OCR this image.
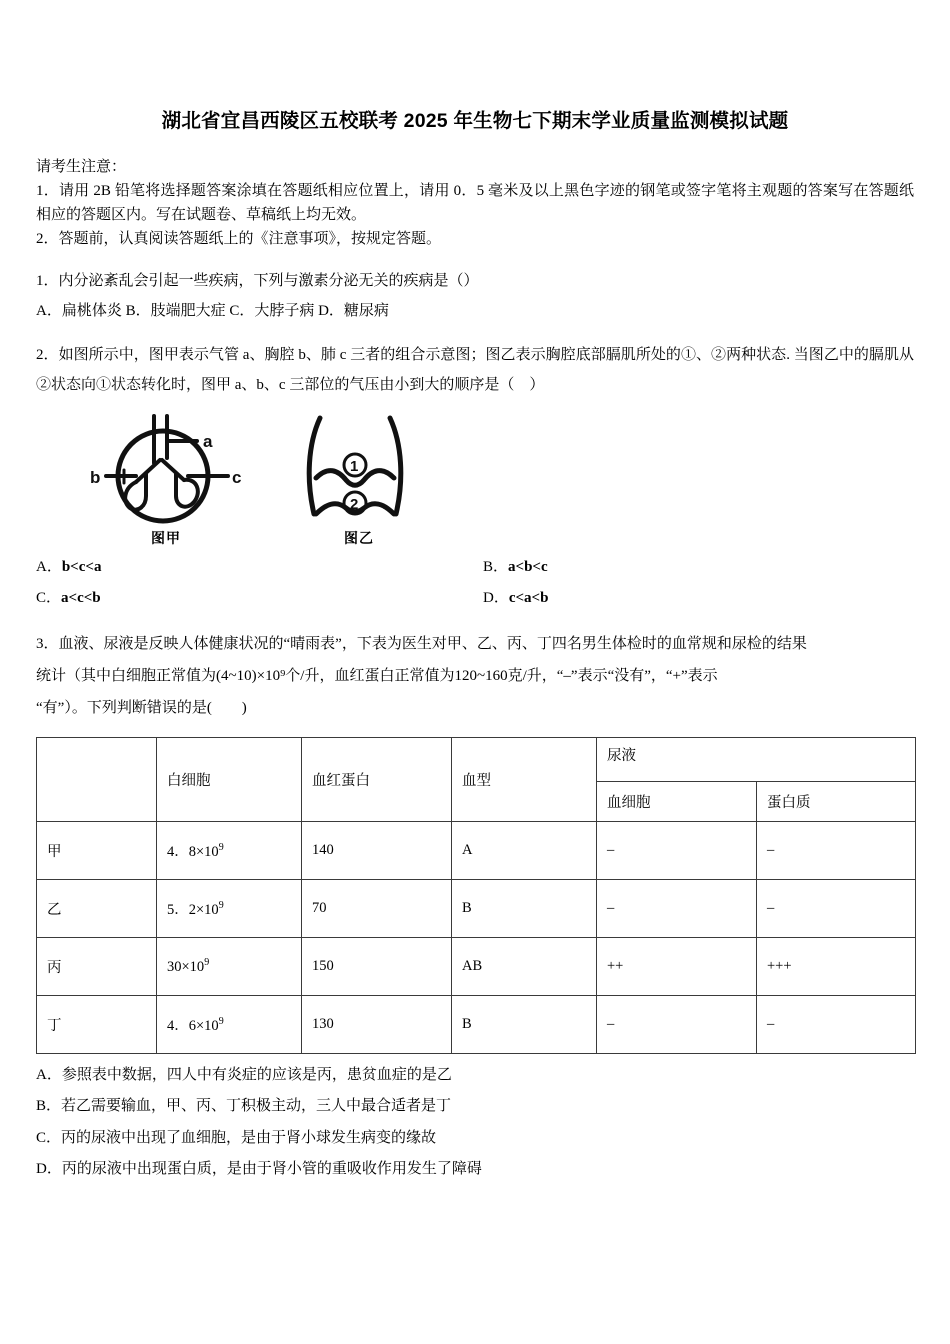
湖北省宜昌西陵区五校联考 2025 年生物七下期末学业质量监测模拟试题
请考生注意：
1．请用 2B 铅笔将选择题答案涂填在答题纸相应位置上，请用 0．5 毫米及以上黑色字迹的钢笔或签字笔将主观题的答案写在答题纸相应的答题区内。写在试题卷、草稿纸上均无效。
2．答题前，认真阅读答题纸上的《注意事项》，按规定答题。
1．内分泌紊乱会引起一些疾病，下列与激素分泌无关的疾病是（）
A．扁桃体炎 B．肢端肥大症 C．大脖子病 D．糖尿病
2．如图所示中，图甲表示气管 a、胸腔 b、肺 c 三者的组合示意图；图乙表示胸腔底部膈肌所处的①、②两种状态. 当图乙中的膈肌从②状态向①状态转化时，图甲 a、b、c 三部位的气压由小到大的顺序是（　）
a
b	c
图甲
1
2
图乙
A．b<c<a	B．a<b<c
C．a<c<b	D．c<a<b
3．血液、尿液是反映人体健康状况的“晴雨表”，下表为医生对甲、乙、丙、丁四名男生体检时的血常规和尿检的结果
统计（其中白细胞正常值为(4~10)×10⁹个/升，血红蛋白正常值为120~160克/升，“–”表示“没有”，“+”表示
“有”）。下列判断错误的是(　　)
	白细胞	血红蛋白	血型	尿液	
				血细胞	蛋白质
甲	4．$8\times 10^9$	140	A	–	–
乙	5．$2\times 10^9$	70	B	–	–
丙	$30\times 10^9$	150	AB	++	+++
丁	4．$6\times 10^9$	130	B	–	–
A．参照表中数据，四人中有炎症的应该是丙，患贫血症的是乙
B．若乙需要输血，甲、丙、丁积极主动，三人中最合适者是丁
C．丙的尿液中出现了血细胞，是由于肾小球发生病变的缘故
D．丙的尿液中出现蛋白质，是由于肾小管的重吸收作用发生了障碍
